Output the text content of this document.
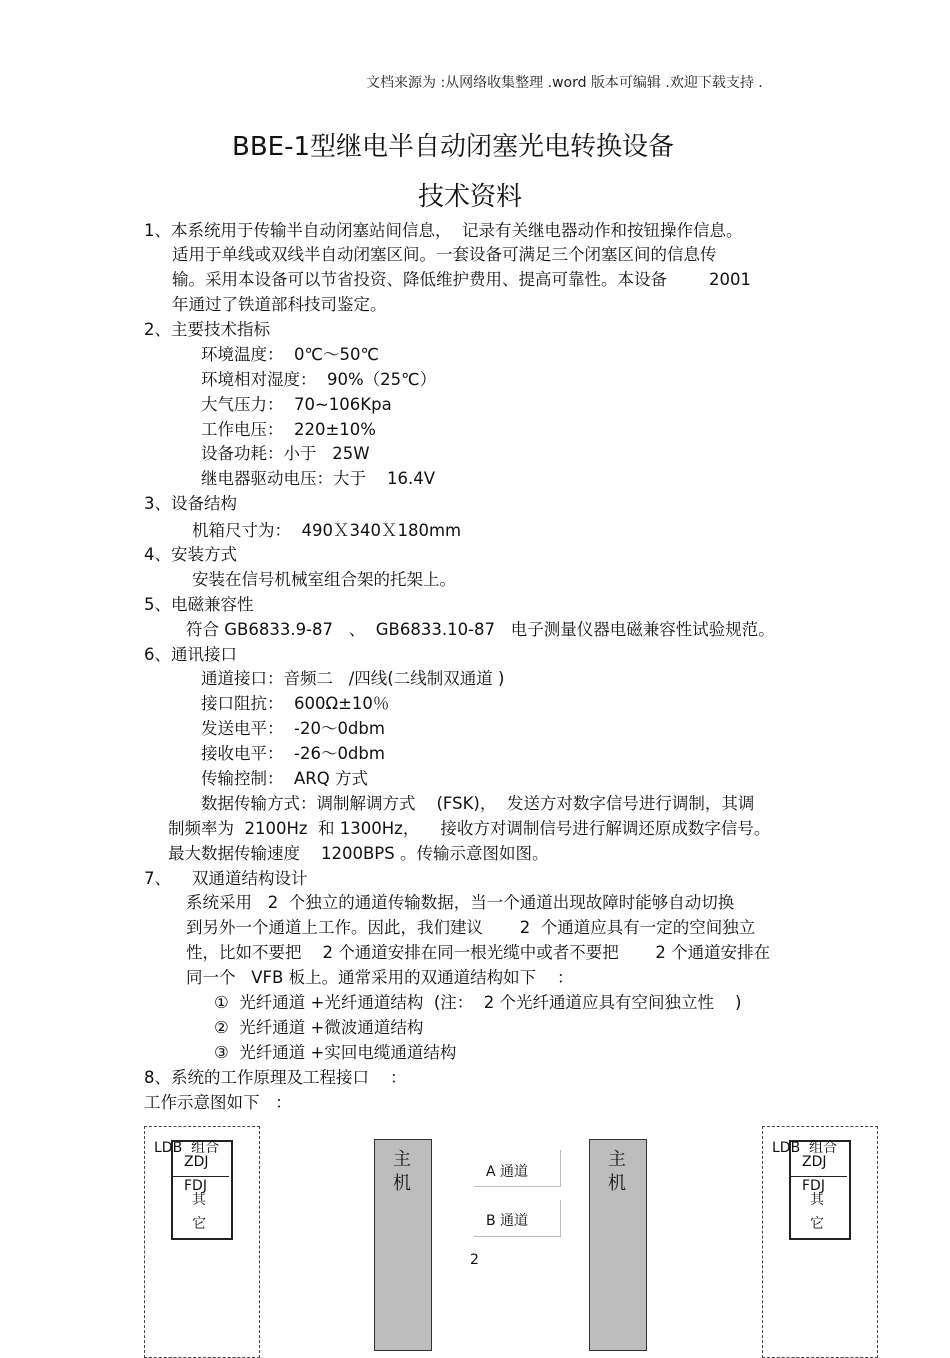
文档来源为 :从网络收集整理 .word 版本可编辑 .欢迎下载支持 .
BBE-1型继电半自动闭塞光电转换设备
技术资料
1、本系统用于传输半自动闭塞站间信息，  记录有关继电器动作和按钮操作信息。
适用于单线或双线半自动闭塞区间。一套设备可满足三个闭塞区间的信息传
输。采用本设备可以节省投资、降低维护费用、提高可靠性。本设备        2001
年通过了铁道部科技司鉴定。
2、主要技术指标
环境温度：  0℃～50℃
环境相对湿度：  90%（25℃）
大气压力：  70~106Kpa
工作电压：  220±10%
设备功耗：小于   25W
继电器驱动电压：大于    16.4V
3、设备结构
机箱尺寸为：  490Ｘ340Ｘ180mm
4、安装方式
安装在信号机械室组合架的托架上。
5、电磁兼容性
符合 GB6833.9-87   、  GB6833.10-87   电子测量仪器电磁兼容性试验规范。
6、通讯接口
通道接口：音频二   /四线(二线制双通道 )
接口阻抗：  600Ω±10％
发送电平：  -20～0dbm
接收电平：  -26～0dbm
传输控制：  ARQ 方式
数据传输方式：调制解调方式    (FSK)，  发送方对数字信号进行调制，其调
制频率为  2100Hz  和 1300Hz，    接收方对调制信号进行解调还原成数字信号。
最大数据传输速度    1200BPS 。传输示意图如图。
7、    双通道结构设计
系统采用   2  个独立的通道传输数据，当一个通道出现故障时能够自动切换
到另外一个通道上工作。因此，我们建议       2  个通道应具有一定的空间独立
性，比如不要把    2 个通道安排在同一根光缆中或者不要把       2 个通道安排在
同一个   VFB 板上。通常采用的双通道结构如下    ：
①  光纤通道 +光纤通道结构  (注：  2 个光纤通道应具有空间独立性    )
②  光纤通道 +微波通道结构
③  光纤通道 +实回电缆通道结构
8、系统的工作原理及工程接口    ：
工作示意图如下   ：
LDB  组合
ZDJ
FDJ
其它
主机
A 通道
B 通道
2
主机
LDB  组合
ZDJ
FDJ
其它
